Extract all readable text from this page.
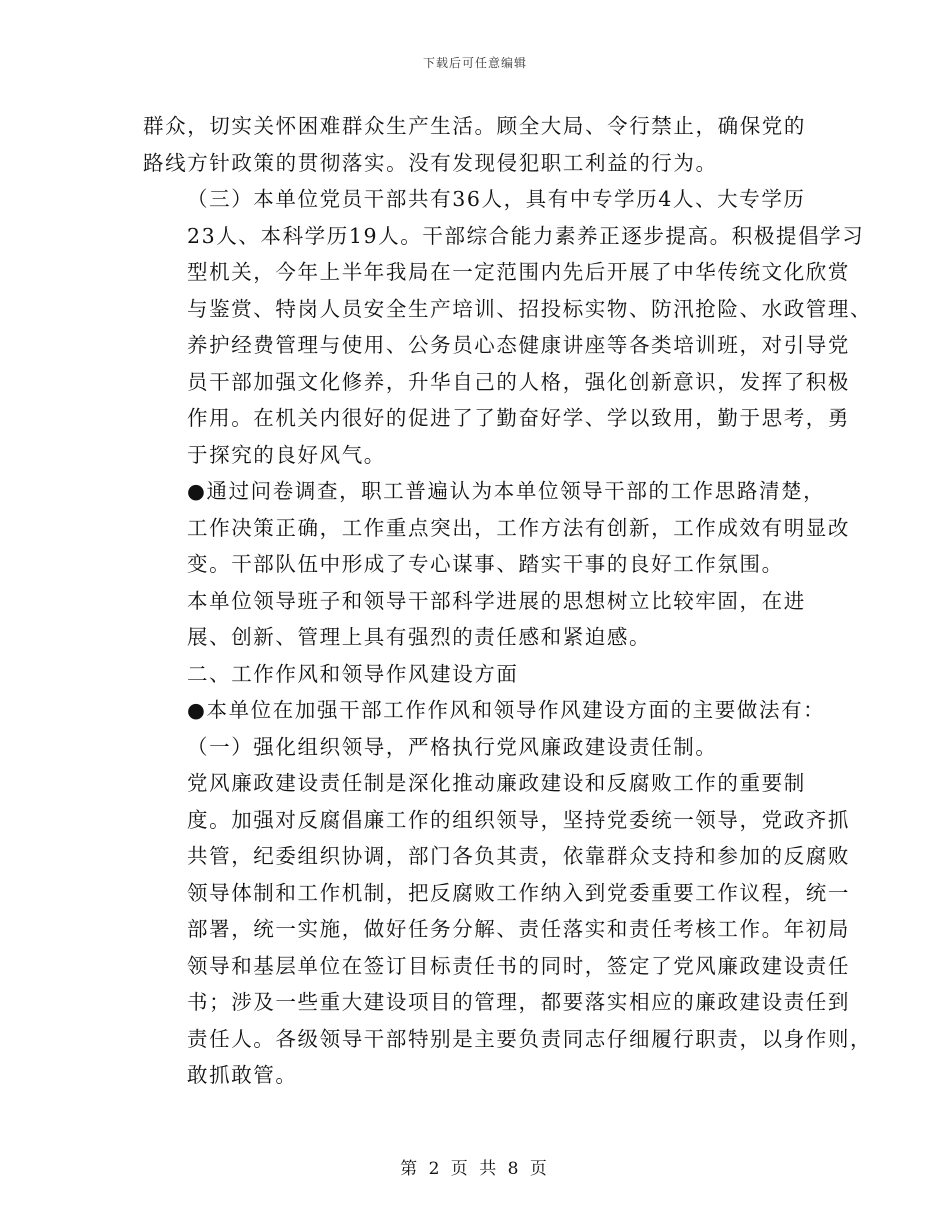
下载后可任意编辑

群众，切实关怀困难群众生产生活。顾全大局、令行禁止，确保党的
路线方针政策的贯彻落实。没有发现侵犯职工利益的行为。

（三）本单位党员干部共有36人，具有中专学历4人、大专学历
23人、本科学历19人。干部综合能力素养正逐步提高。积极提倡学习
型机关，今年上半年我局在一定范围内先后开展了中华传统文化欣赏
与鉴赏、特岗人员安全生产培训、招投标实物、防汛抢险、水政管理、
养护经费管理与使用、公务员心态健康讲座等各类培训班，对引导党
员干部加强文化修养，升华自己的人格，强化创新意识，发挥了积极
作用。在机关内很好的促进了了勤奋好学、学以致用，勤于思考，勇
于探究的良好风气。

●通过问卷调查，职工普遍认为本单位领导干部的工作思路清楚，
工作决策正确，工作重点突出，工作方法有创新，工作成效有明显改
变。干部队伍中形成了专心谋事、踏实干事的良好工作氛围。

本单位领导班子和领导干部科学进展的思想树立比较牢固，在进
展、创新、管理上具有强烈的责任感和紧迫感。

二、工作作风和领导作风建设方面

●本单位在加强干部工作作风和领导作风建设方面的主要做法有：

（一）强化组织领导，严格执行党风廉政建设责任制。

党风廉政建设责任制是深化推动廉政建设和反腐败工作的重要制
度。加强对反腐倡廉工作的组织领导，坚持党委统一领导，党政齐抓
共管，纪委组织协调，部门各负其责，依靠群众支持和参加的反腐败
领导体制和工作机制，把反腐败工作纳入到党委重要工作议程，统一
部署，统一实施，做好任务分解、责任落实和责任考核工作。年初局
领导和基层单位在签订目标责任书的同时，签定了党风廉政建设责任
书；涉及一些重大建设项目的管理，都要落实相应的廉政建设责任到
责任人。各级领导干部特别是主要负责同志仔细履行职责，以身作则，
敢抓敢管。

第 2 页 共 8 页
